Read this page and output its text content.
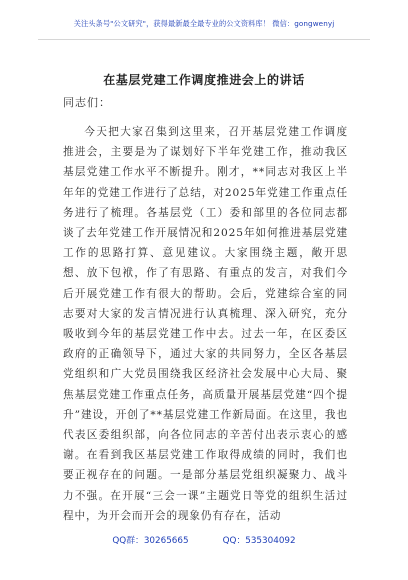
关注头条号"公文研究"，获得最新最全最专业的公文资料库！ 微信：gongwenyj
在基层党建工作调度推进会上的讲话
同志们：

今天把大家召集到这里来，召开基层党建工作调度推进会，主要是为了谋划好下半年党建工作，推动我区基层党建工作水平不断提升。刚才，**同志对我区上半年年的党建工作进行了总结，对2025年党建工作重点任务进行了梳理。各基层党（工）委和部里的各位同志都谈了去年党建工作开展情况和2025年如何推进基层党建工作的思路打算、意见建议。大家围绕主题，敞开思想、放下包袱，作了有思路、有重点的发言，对我们今后开展党建工作有很大的帮助。会后，党建综合室的同志要对大家的发言情况进行认真梳理、深入研究，充分吸收到今年的基层党建工作中去。过去一年，在区委区政府的正确领导下，通过大家的共同努力，全区各基层党组织和广大党员围绕我区经济社会发展中心大局、聚焦基层党建工作重点任务，高质量开展基层党建“四个提升”建设，开创了**基层党建工作新局面。在这里，我也代表区委组织部，向各位同志的辛苦付出表示衷心的感谢。在看到我区基层党建工作取得成绩的同时，我们也要正视存在的问题。一是部分基层党组织凝聚力、战斗力不强。在开展“三会一课”主题党日等党的组织生活过程中，为开会而开会的现象仍有存在，活动

QQ群：30265665	QQ：535304092
